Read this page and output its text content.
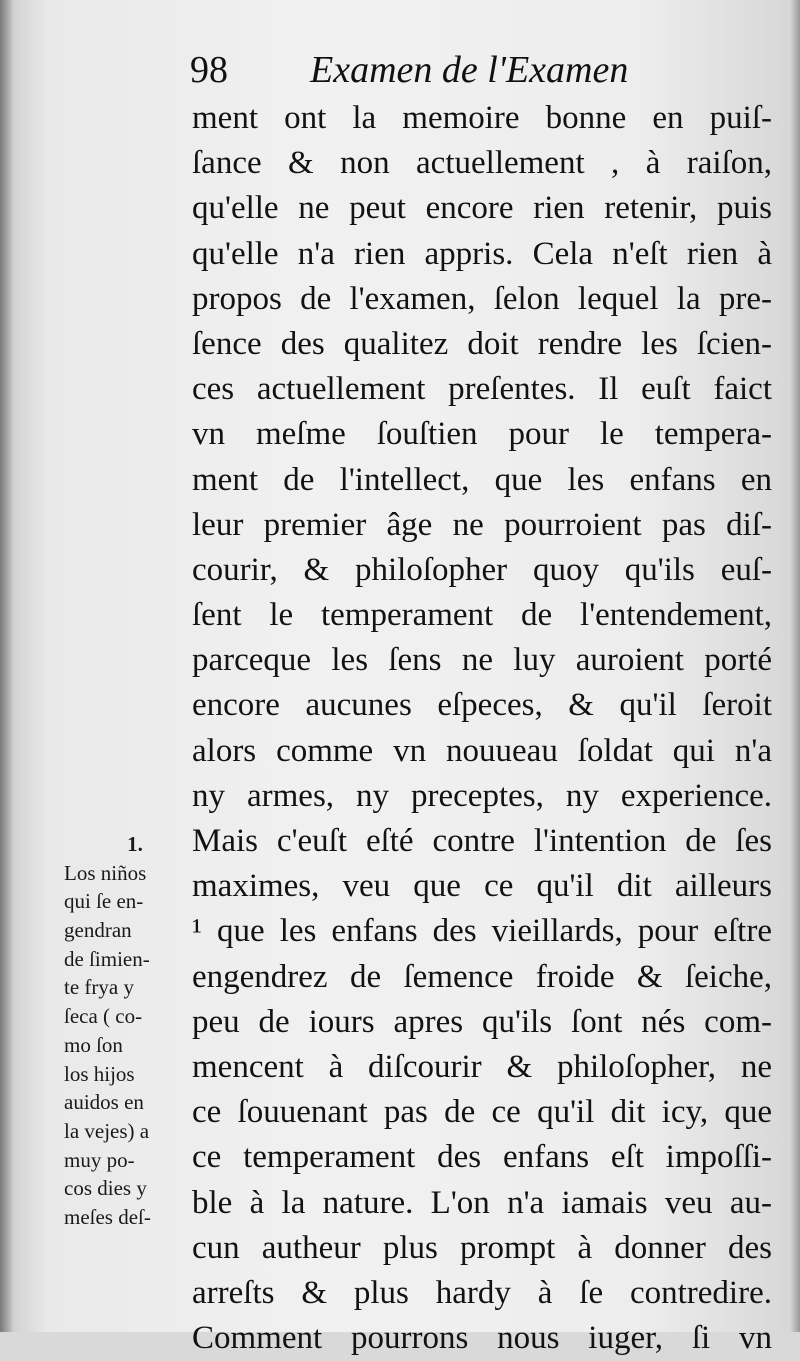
98 Examen de l'Examen
ment ont la memoire bonne en puiſ-
ſance & non actuellement , à raiſon,
qu'elle ne peut encore rien retenir, puis
qu'elle n'a rien appris. Cela n'eſt rien à
propos de l'examen, ſelon lequel la pre-
ſence des qualitez doit rendre les ſcien-
ces actuellement preſentes. Il euſt faict
vn meſme ſouſtien pour le tempera-
ment de l'intellect, que les enfans en
leur premier âge ne pourroient pas diſ-
courir, & philoſopher quoy qu'ils euſ-
ſent le temperament de l'entendement,
parceque les ſens ne luy auroient porté
encore aucunes eſpeces, & qu'il ſeroit
alors comme vn nouueau ſoldat qui n'a
ny armes, ny preceptes, ny experience.
Mais c'euſt eſté contre l'intention de ſes
maximes, veu que ce qu'il dit ailleurs
¹ que les enfans des vieillards, pour eſtre
engendrez de ſemence froide & ſeiche,
peu de iours apres qu'ils ſont nés com-
mencent à diſcourir & philoſopher, ne
ce ſouuenant pas de ce qu'il dit icy, que
ce temperament des enfans eſt impoſſi-
ble à la nature. L'on n'a iamais veu au-
cun autheur plus prompt à donner des
arreſts & plus hardy à ſe contredire.
Comment pourrons nous iuger, ſi vn
1.
Los niños
qui ſe en-
gendran
de ſimien-
te frya y
ſeca ( co-
mo ſon
los hijos
auidos en
la vejes) a
muy po-
cos dies y
meſes deſ-
